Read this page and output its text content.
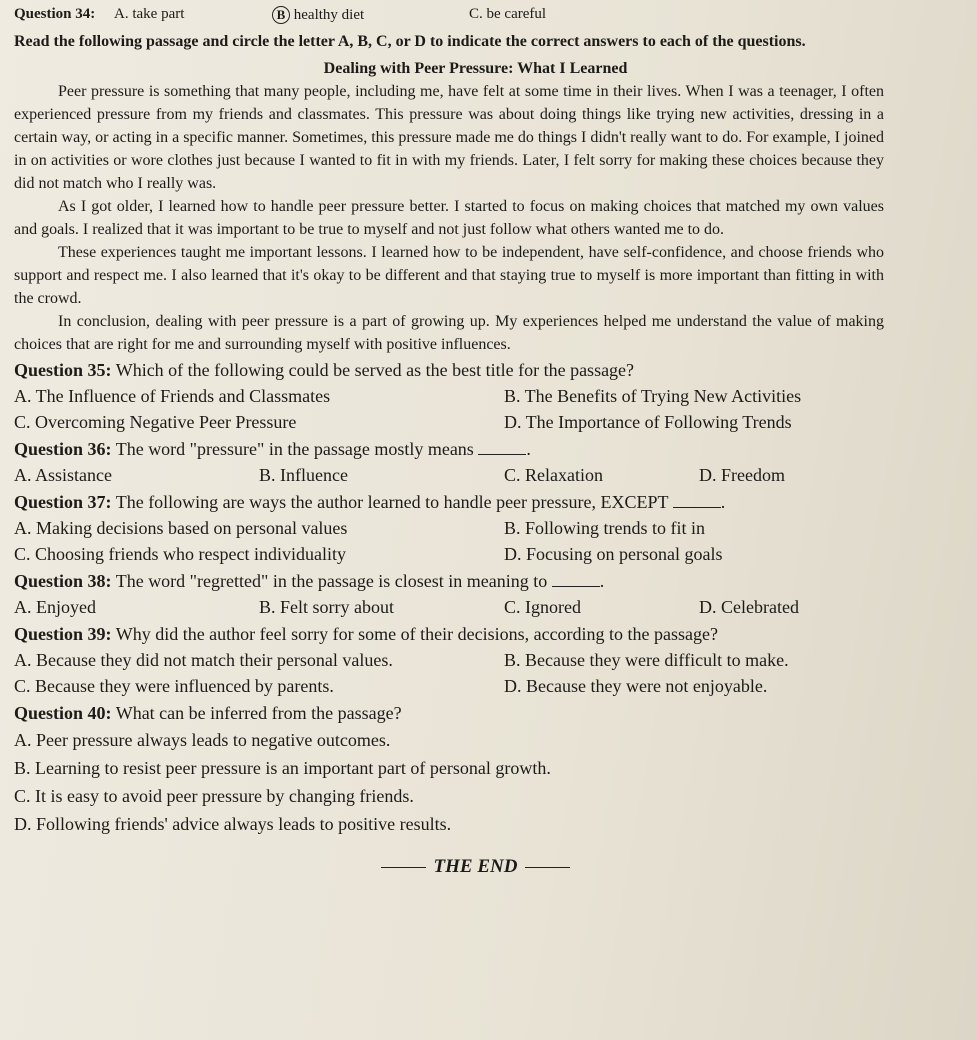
Question 34: A. take part	B healthy diet	C. be careful
Read the following passage and circle the letter A, B, C, or D to indicate the correct answers to each of the questions.
Dealing with Peer Pressure: What I Learned

Peer pressure is something that many people, including me, have felt at some time in their lives. When I was a teenager, I often experienced pressure from my friends and classmates. This pressure was about doing things like trying new activities, dressing in a certain way, or acting in a specific manner. Sometimes, this pressure made me do things I didn't really want to do. For example, I joined in on activities or wore clothes just because I wanted to fit in with my friends. Later, I felt sorry for making these choices because they did not match who I really was.

As I got older, I learned how to handle peer pressure better. I started to focus on making choices that matched my own values and goals. I realized that it was important to be true to myself and not just follow what others wanted me to do.

These experiences taught me important lessons. I learned how to be independent, have self-confidence, and choose friends who support and respect me. I also learned that it's okay to be different and that staying true to myself is more important than fitting in with the crowd.

In conclusion, dealing with peer pressure is a part of growing up. My experiences helped me understand the value of making choices that are right for me and surrounding myself with positive influences.

Question 35: Which of the following could be served as the best title for the passage?
A. The Influence of Friends and Classmates	B. The Benefits of Trying New Activities
C. Overcoming Negative Peer Pressure	D. The Importance of Following Trends
Question 36: The word "pressure" in the passage mostly means	.
A. Assistance	B. Influence	C. Relaxation	D. Freedom
Question 37: The following are ways the author learned to handle peer pressure, EXCEPT	.
A. Making decisions based on personal values	B. Following trends to fit in
C. Choosing friends who respect individuality	D. Focusing on personal goals
Question 38: The word "regretted" in the passage is closest in meaning to	.
A. Enjoyed	B. Felt sorry about	C. Ignored	D. Celebrated
Question 39: Why did the author feel sorry for some of their decisions, according to the passage?
A. Because they did not match their personal values.	B. Because they were difficult to make.
C. Because they were influenced by parents.	D. Because they were not enjoyable.
Question 40: What can be inferred from the passage?
A. Peer pressure always leads to negative outcomes.
B. Learning to resist peer pressure is an important part of personal growth.
C. It is easy to avoid peer pressure by changing friends.
D. Following friends' advice always leads to positive results.
THE END
